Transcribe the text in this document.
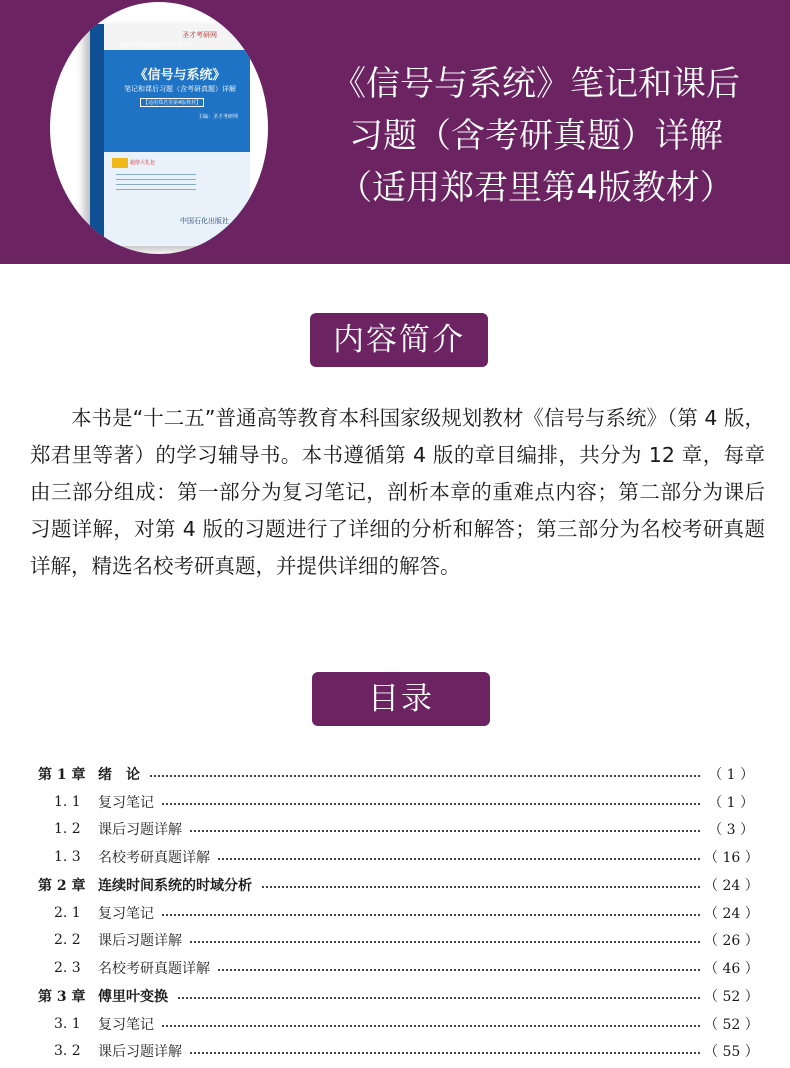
圣才考研网
国内外经典教材辅导系列·理工类
《信号与系统》
笔记和课后习题（含考研真题）详解
【适用郑君里第4版教材】
主编：圣才考研网
超值大礼包
中国石化出版社
《信号与系统》笔记和课后
习题（含考研真题）详解
（适用郑君里第4版教材）
内容简介

本书是“十二五”普通高等教育本科国家级规划教材《信号与系统》（第 4 版，郑君里等著）的学习辅导书。本书遵循第 4 版的章目编排，共分为 12 章，每章由三部分组成：第一部分为复习笔记，剖析本章的重难点内容；第二部分为课后习题详解，对第 4 版的习题进行了详细的分析和解答；第三部分为名校考研真题详解，精选名校考研真题，并提供详细的解答。

目录
第 1 章 绪　论	（ 1 ）
1. 1	复习笔记	（ 1 ）
1. 2	课后习题详解	（ 3 ）
1. 3	名校考研真题详解	（ 16 ）
第 2 章 连续时间系统的时域分析	（ 24 ）
2. 1	复习笔记	（ 24 ）
2. 2	课后习题详解	（ 26 ）
2. 3	名校考研真题详解	（ 46 ）
第 3 章 傅里叶变换	（ 52 ）
3. 1	复习笔记	（ 52 ）
3. 2	课后习题详解	（ 55 ）
